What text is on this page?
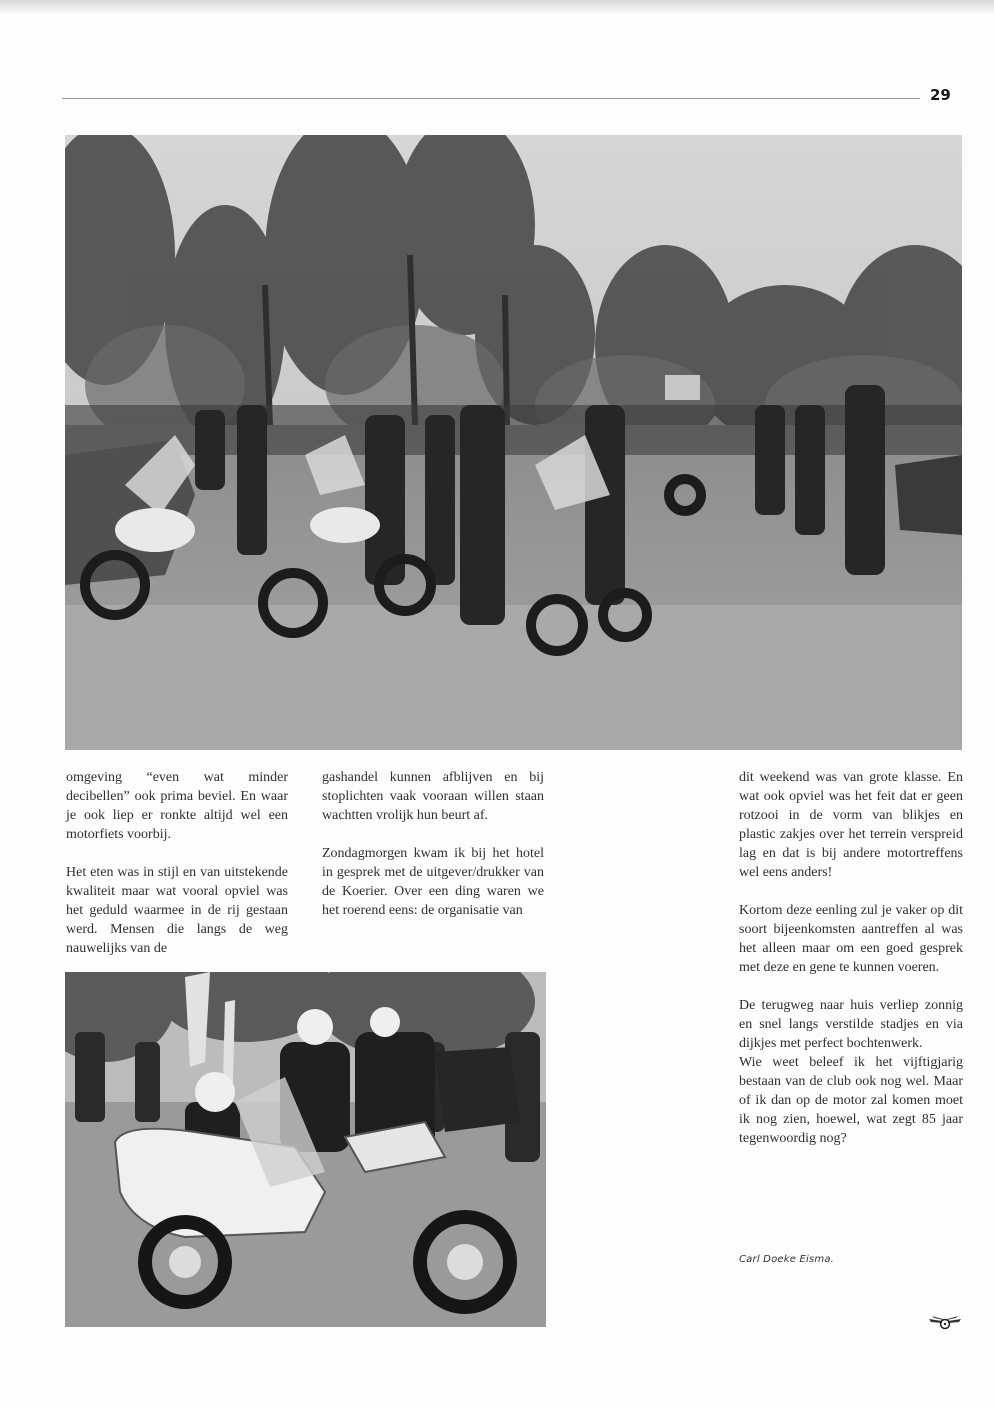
29

omgeving “even wat minder decibellen” ook prima beviel. En waar je ook liep er ronkte altijd wel een motorfiets voorbij.

Het eten was in stijl en van uitstekende kwaliteit maar wat vooral opviel was het geduld waarmee in de rij gestaan werd. Mensen die langs de weg nauwelijks van de

gashandel kunnen afblijven en bij stoplichten vaak vooraan willen staan wachtten vrolijk hun beurt af.

Zondagmorgen kwam ik bij het hotel in gesprek met de uitgever/drukker van de Koerier. Over een ding waren we het roerend eens: de organisatie van

dit weekend was van grote klasse. En wat ook opviel was het feit dat er geen rotzooi in de vorm van blikjes en plastic zakjes over het terrein verspreid lag en dat is bij andere motortreffens wel eens anders!

Kortom deze eenling zul je vaker op dit soort bijeenkomsten aantreffen al was het alleen maar om een goed gesprek met deze en gene te kunnen voeren.

De terugweg naar huis verliep zonnig en snel langs verstilde stadjes en via dijkjes met perfect bochtenwerk.

Wie weet beleef ik het vijftigjarig bestaan van de club ook nog wel. Maar of ik dan op de motor zal komen moet ik nog zien, hoewel, wat zegt 85 jaar tegenwoordig nog?

Carl Doeke Eisma.
